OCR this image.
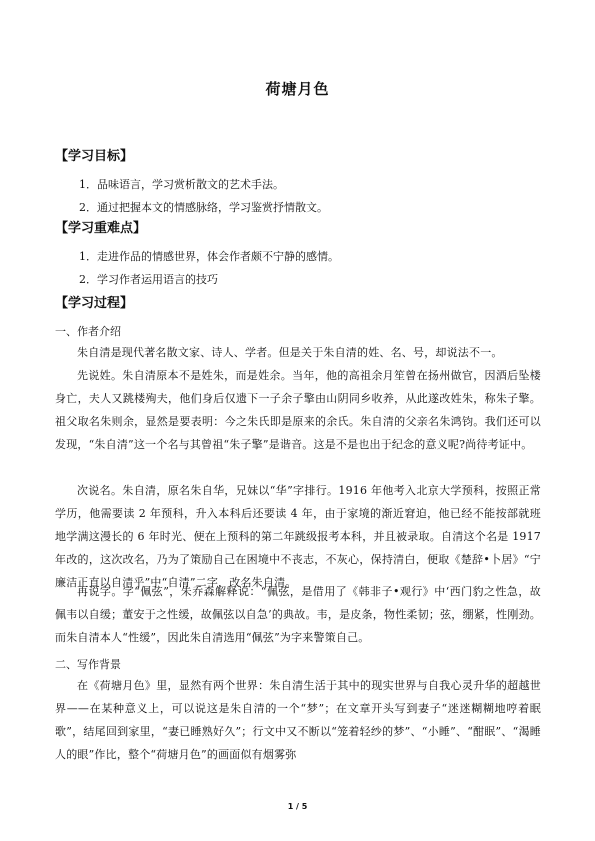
荷塘月色
【学习目标】
1．品味语言，学习赏析散文的艺术手法。
2．通过把握本文的情感脉络，学习鉴赏抒情散文。
【学习重难点】
1．走进作品的情感世界，体会作者颇不宁静的感情。
2．学习作者运用语言的技巧
【学习过程】
一、作者介绍
朱自清是现代著名散文家、诗人、学者。但是关于朱自清的姓、名、号，却说法不一。
先说姓。朱自清原本不是姓朱，而是姓余。当年，他的高祖余月笙曾在扬州做官，因酒后坠楼身亡，夫人又跳楼殉夫，他们身后仅遗下一子余子擎由山阴同乡收养，从此遂改姓朱，称朱子擎。祖父取名朱则余，显然是要表明：今之朱氏即是原来的余氏。朱自清的父亲名朱鸿钧。我们还可以发现，“朱自清”这一个名与其曾祖“朱子擎”是谐音。这是不是也出于纪念的意义呢?尚待考证中。
次说名。朱自清，原名朱自华，兄妹以“华”字排行。1916 年他考入北京大学预科，按照正常学历，他需要读 2 年预科，升入本科后还要读 4 年，由于家境的渐近窘迫，他已经不能按部就班地学满这漫长的 6 年时光、便在上预科的第二年跳级报考本科，并且被录取。自清这个名是 1917 年改的，这次改名，乃为了策励自己在困境中不丧志，不灰心，保持清白，便取《楚辞•卜居》“宁廉洁正直以自清乎”中“自清”二字，改名朱自清。
再说字。字“佩弦”，朱乔森解释说：“佩弦，是借用了《韩非子•观行》中‘西门豹之性急，故佩韦以自缓；董安于之性缓，故佩弦以自急’的典故。韦，是皮条，物性柔韧；弦，绷紧，性刚劲。而朱自清本人“性缓”，因此朱自清选用“佩弦”为字来警策自己。
二、写作背景
在《荷塘月色》里，显然有两个世界：朱自清生活于其中的现实世界与自我心灵升华的超越世界——在某种意义上，可以说这是朱自清的一个“梦”；在文章开头写到妻子“迷迷糊糊地哼着眠歌”，结尾回到家里，“妻已睡熟好久”；行文中又不断以“笼着轻纱的梦”、“小睡”、“酣眠”、“渴睡人的眼”作比，整个“荷塘月色”的画面似有烟雾弥
1 / 5
